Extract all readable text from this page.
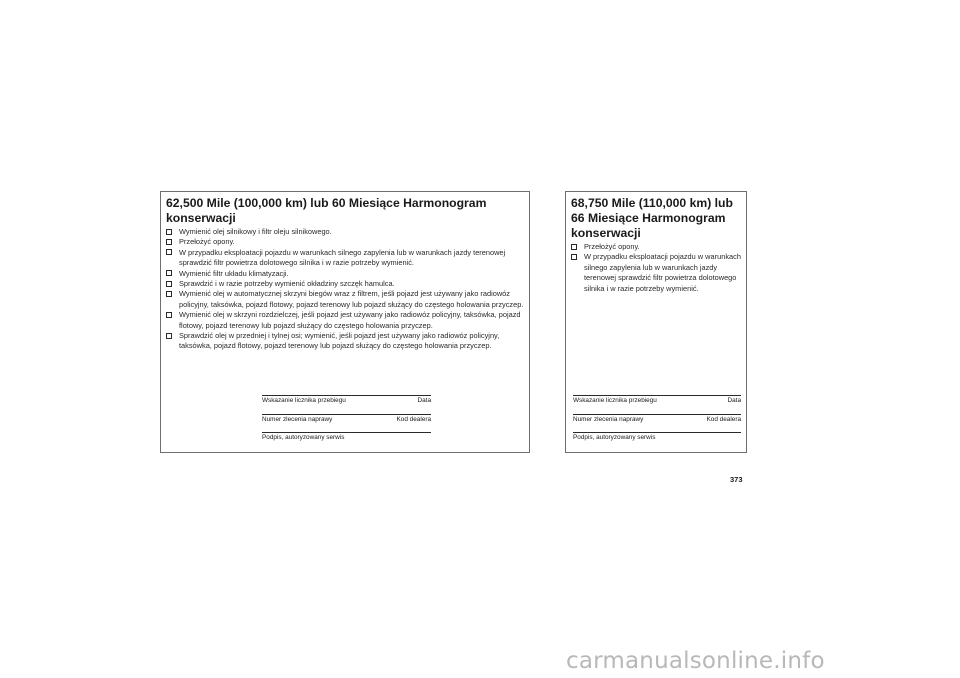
62,500 Mile (100,000 km) lub 60 Miesiące Harmonogram konserwacji
Wymienić olej silnikowy i filtr oleju silnikowego.
Przełożyć opony.
W przypadku eksploatacji pojazdu w warunkach silnego zapylenia lub w warunkach jazdy terenowej sprawdzić filtr powietrza dolotowego silnika i w razie potrzeby wymienić.
Wymienić filtr układu klimatyzacji.
Sprawdzić i w razie potrzeby wymienić okładziny szczęk hamulca.
Wymienić olej w automatycznej skrzyni biegów wraz z filtrem, jeśli pojazd jest używany jako radiowóz policyjny, taksówka, pojazd flotowy, pojazd terenowy lub pojazd służący do częstego holowania przyczep.
Wymienić olej w skrzyni rozdzielczej, jeśli pojazd jest używany jako radiowóz policyjny, taksówka, pojazd flotowy, pojazd terenowy lub pojazd służący do częstego holowania przyczep.
Sprawdzić olej w przedniej i tylnej osi; wymienić, jeśli pojazd jest używany jako radiowóz policyjny, taksówka, pojazd flotowy, pojazd terenowy lub pojazd służący do częstego holowania przyczep.
Wskazanie licznika przebiegu	Data
Numer zlecenia naprawy	Kod dealera
Podpis, autoryzowany serwis
68,750 Mile (110,000 km) lub 66 Miesiące Harmonogram konserwacji
Przełożyć opony.
W przypadku eksploatacji pojazdu w warunkach silnego zapylenia lub w warunkach jazdy terenowej sprawdzić filtr powietrza dolotowego silnika i w razie potrzeby wymienić.
Wskazanie licznika przebiegu	Data
Numer zlecenia naprawy	Kod dealera
Podpis, autoryzowany serwis
373
carmanualsonline.info
